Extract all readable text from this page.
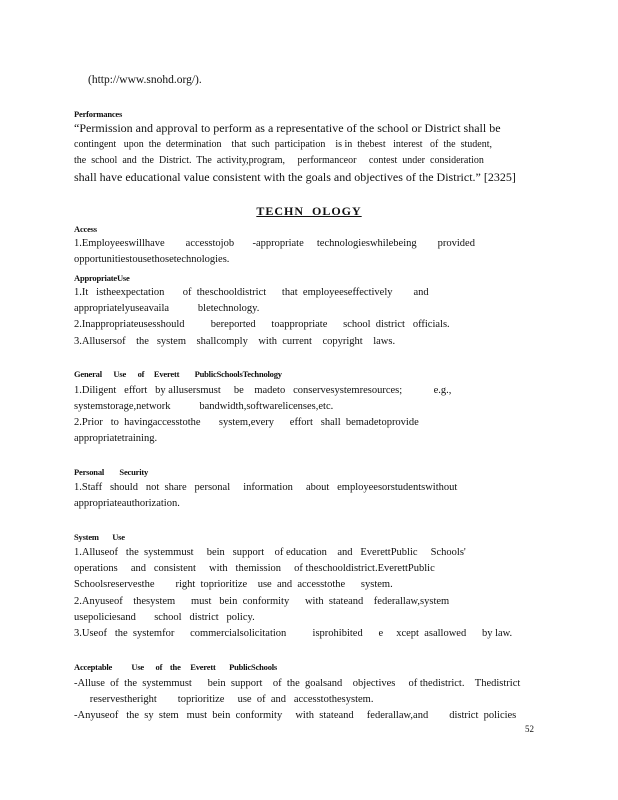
(http://www.snohd.org/).
Performances
“Permission and approval to perform as a representative of the school or District shall be
contingent   upon  the  determination    that  such  participation    is in  thebest   interest   of  the  student,
the  school  and  the  District.  The  activity,program,     performanceor     contest  under  consideration
shall have educational value consistent with the goals and objectives of the District.” [2325]
TECHN  OLOGY
Access
1.Employeeswillhave        accesstojob       -appropriate     technologieswhilebeing        provided
opportunitiestousethosetechnologies.
AppropriateUse
1.It   istheexpectation       of  theschooldistrict      that  employeeseffectively        and
appropriatelyuseavaila           bletechnology.
2.Inappropriateusesshould          bereported      toappropriate      school  district   officials.
3.Allusersof    the   system    shallcomply    with  current    copyright    laws.
General      Use      of     Everett        PublicSchoolsTechnology
1.Diligent   effort   by allusersmust     be    madeto   conservesystemresources;            e.g.,
systemstorage,network           bandwidth,softwarelicenses,etc.
2.Prior   to  havingaccesstothe       system,every      effort   shall  bemadetoprovide
appropriatetraining.
Personal        Security
1.Staff   should   not  share   personal     information     about   employeesorstudentswithout
appropriateauthorization.
System       Use
1.Alluseof   the  systemmust     bein   support    of education    and   EverettPublic     Schools'
operations     and   consistent     with   themission     of theschooldistrict.EverettPublic
Schoolsreservesthe        right  toprioritize    use  and  accesstothe      system.
2.Anyuseof    thesystem      must   bein  conformity      with  stateand    federallaw,system
usepoliciesand       school   district   policy.
3.Useof   the  systemfor      commercialsolicitation          isprohibited      e     xcept  asallowed      by law.
Acceptable          Use      of    the     Everett       PublicSchools
-Alluse  of  the  systemmust      bein  support    of  the  goalsand    objectives     of thedistrict.    Thedistrict
reservestheright        toprioritize     use  of  and   accesstothesystem.
-Anyuseof   the  sy  stem   must  bein  conformity     with  stateand     federallaw,and        district  policies
52
